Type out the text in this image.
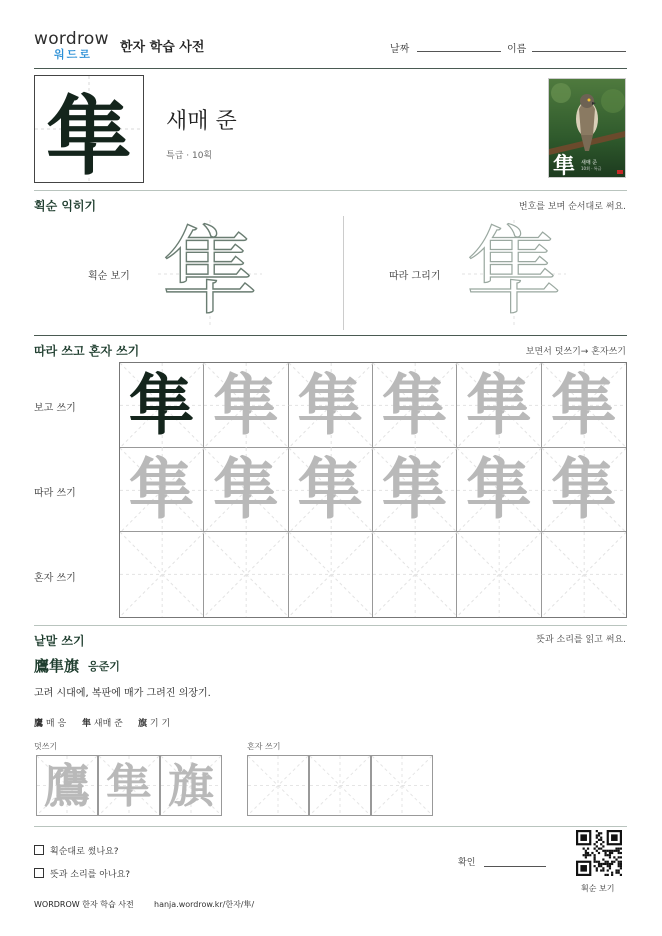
wordrow
워드로	한자 학습 사전	날짜	이름
隼	새매 준
특급 · 10획	隼 새매 준
10획 · 특급
획순 익히기	번호를 보며 순서대로 써요.
획순 보기 隼	따라 그리기 隼
따라 쓰고 혼자 쓰기	보면서 덧쓰기→ 혼자쓰기
보고 쓰기
따라 쓰기
혼자 쓰기
隼 隼 隼 隼 隼 隼
隼 隼 隼 隼 隼 隼
낱말 쓰기	뜻과 소리를 읽고 써요.
鷹隼旗 응준기
고려 시대에, 복판에 매가 그려진 의장기.
鷹 매 응 隼 새매 준 旗 기 기
덧쓰기	혼자 쓰기
획순대로 썼나요?
뜻과 소리를 아나요?
확인
획순 보기
WORDROW 한자 학습 사전	hanja.wordrow.kr/한자/隼/
鷹 隼 旗
